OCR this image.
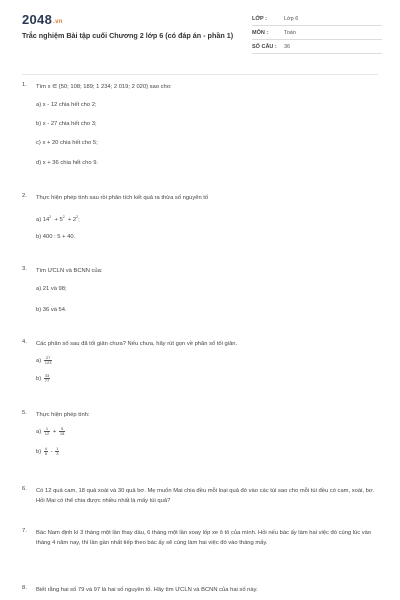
2048.vn
Trắc nghiệm Bài tập cuối Chương 2 lớp 6 (có đáp án - phần 1)
LỚP :	Lớp 6
MÔN :	Toán
SỐ CÂU :	36
1.	Tìm x ∈ {50; 108; 189; 1 234; 2 019; 2 020} sao cho:
a) x - 12 chia hết cho 2;
b) x - 27 chia hết cho 3;
c) x + 20 chia hết cho 5;
d) x + 36 chia hết cho 9.
2.	Thực hiện phép tính sau rồi phân tích kết quả ra thừa số nguyên tố
a) $14^2 + 5^2 + 2^2$;
b) 400 : 5 + 40.
3.	Tìm ƯCLN và BCNN của:
a) 21 và 98;
b) 36 và 54.
4.	Các phân số sau đã tối giản chưa? Nếu chưa, hãy rút gọn về phân số tối giản.
$a) \frac{27}{123}$
$b) \frac{33}{77}$
5.	Thực hiện phép tính:
$a) \frac{1}{12} + \frac{5}{18}$
$b) \frac{4}{5} - \frac{1}{3}$
6.	Có 12 quả cam, 18 quả xoài và 30 quả bơ. Mẹ muốn Mai chia đều mỗi loại quả đó vào các túi sao cho mỗi túi đều có cam, xoài, bơ. Hỏi Mai có thể chia được nhiều nhất là mấy túi quả?
7.	Bác Nam định kì 3 tháng một lần thay dầu, 6 tháng một lần xoay lốp xe ô tô của mình. Hỏi nếu bác ấy làm hai việc đó cùng lúc vào tháng 4 năm nay, thì lần gần nhất tiếp theo bác ấy sẽ cùng làm hai việc đó vào tháng mấy.
8.	Biết rằng hai số 79 và 97 là hai số nguyên tố. Hãy tìm ƯCLN và BCNN của hai số này.
